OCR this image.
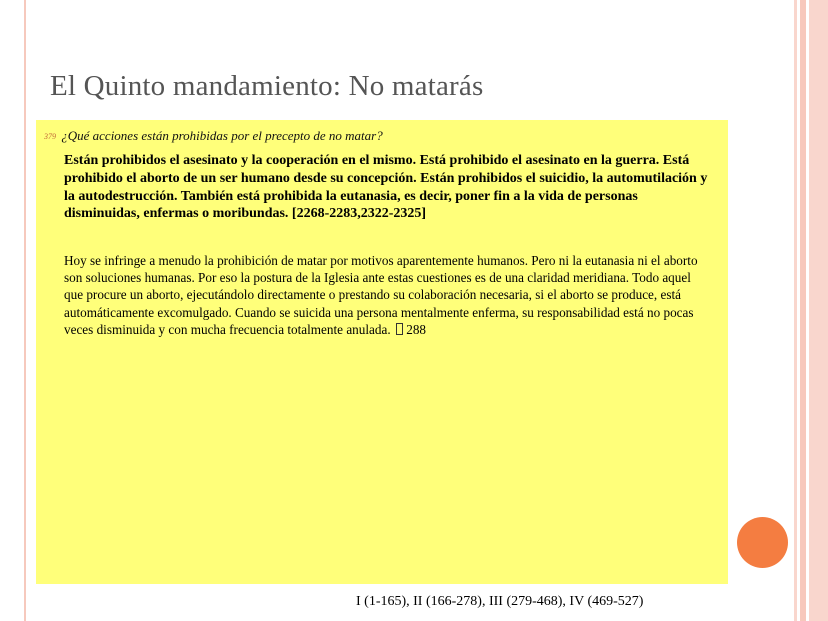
El Quinto mandamiento: No matarás
379 ¿Qué acciones están prohibidas por el precepto de no matar?

Están prohibidos el asesinato y la cooperación en el mismo. Está prohibido el asesinato en la guerra. Está prohibido el aborto de un ser humano desde su concepción. Están prohibidos el suicidio, la automutilación y la autodestrucción. También está prohibida la eutanasia, es decir, poner fin a la vida de personas disminuidas, enfermas o moribundas. [2268-2283,2322-2325]

Hoy se infringe a menudo la prohibición de matar por motivos aparentemente humanos. Pero ni la eutanasia ni el aborto son soluciones humanas. Por eso la postura de la Iglesia ante estas cuestiones es de una claridad meridiana. Todo aquel que procure un aborto, ejecutándolo directamente o prestando su colaboración necesaria, si el aborto se produce, está automáticamente excomulgado. Cuando se suicida una persona mentalmente enferma, su responsabilidad está no pocas veces disminuida y con mucha frecuencia totalmente anulada. 288

I (1-165), II (166-278), III (279-468), IV (469-527)
